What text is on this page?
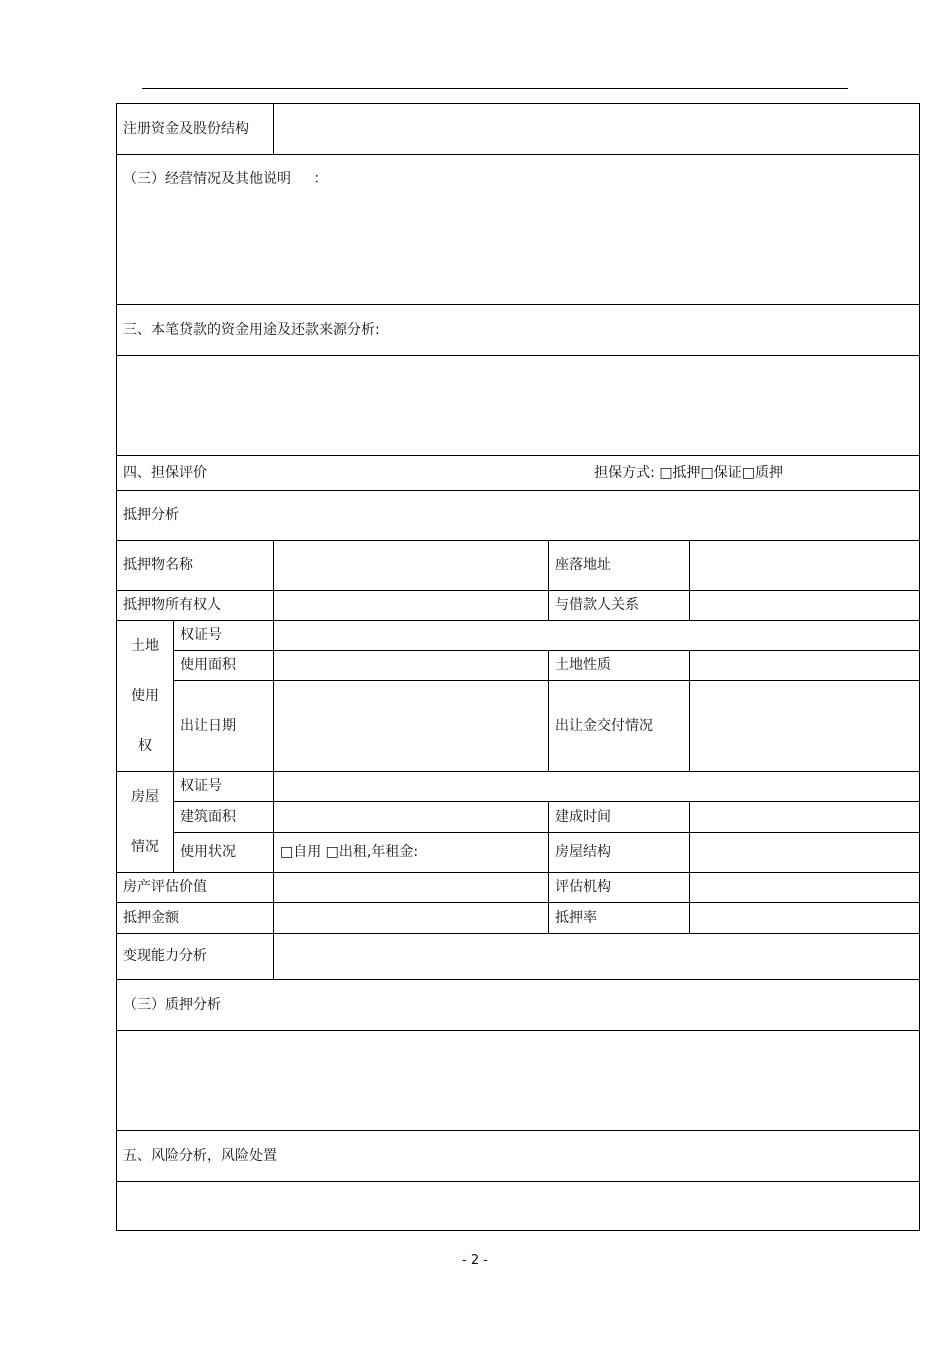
注册资金及股份结构				
（三）经营情况及其他说明 ：				
三、本笔贷款的资金用途及还款来源分析:				

四、担保评价 担保方式: □抵押□保证□质押				

抵押分析				
抵押物名称			座落地址	
抵押物所有权人			与借款人关系	

土地
使用
权	权证号			
	使用面积		土地性质	
	出让日期		出让金交付情况	

房屋
情况	权证号			
	建筑面积		建成时间	
	使用状况	□自用 □出租,年租金:	房屋结构	
房产评估价值			评估机构	
抵押金额			抵押率	
变现能力分析				
（三）质押分析				

五、风险分析，风险处置				

- 2 -
